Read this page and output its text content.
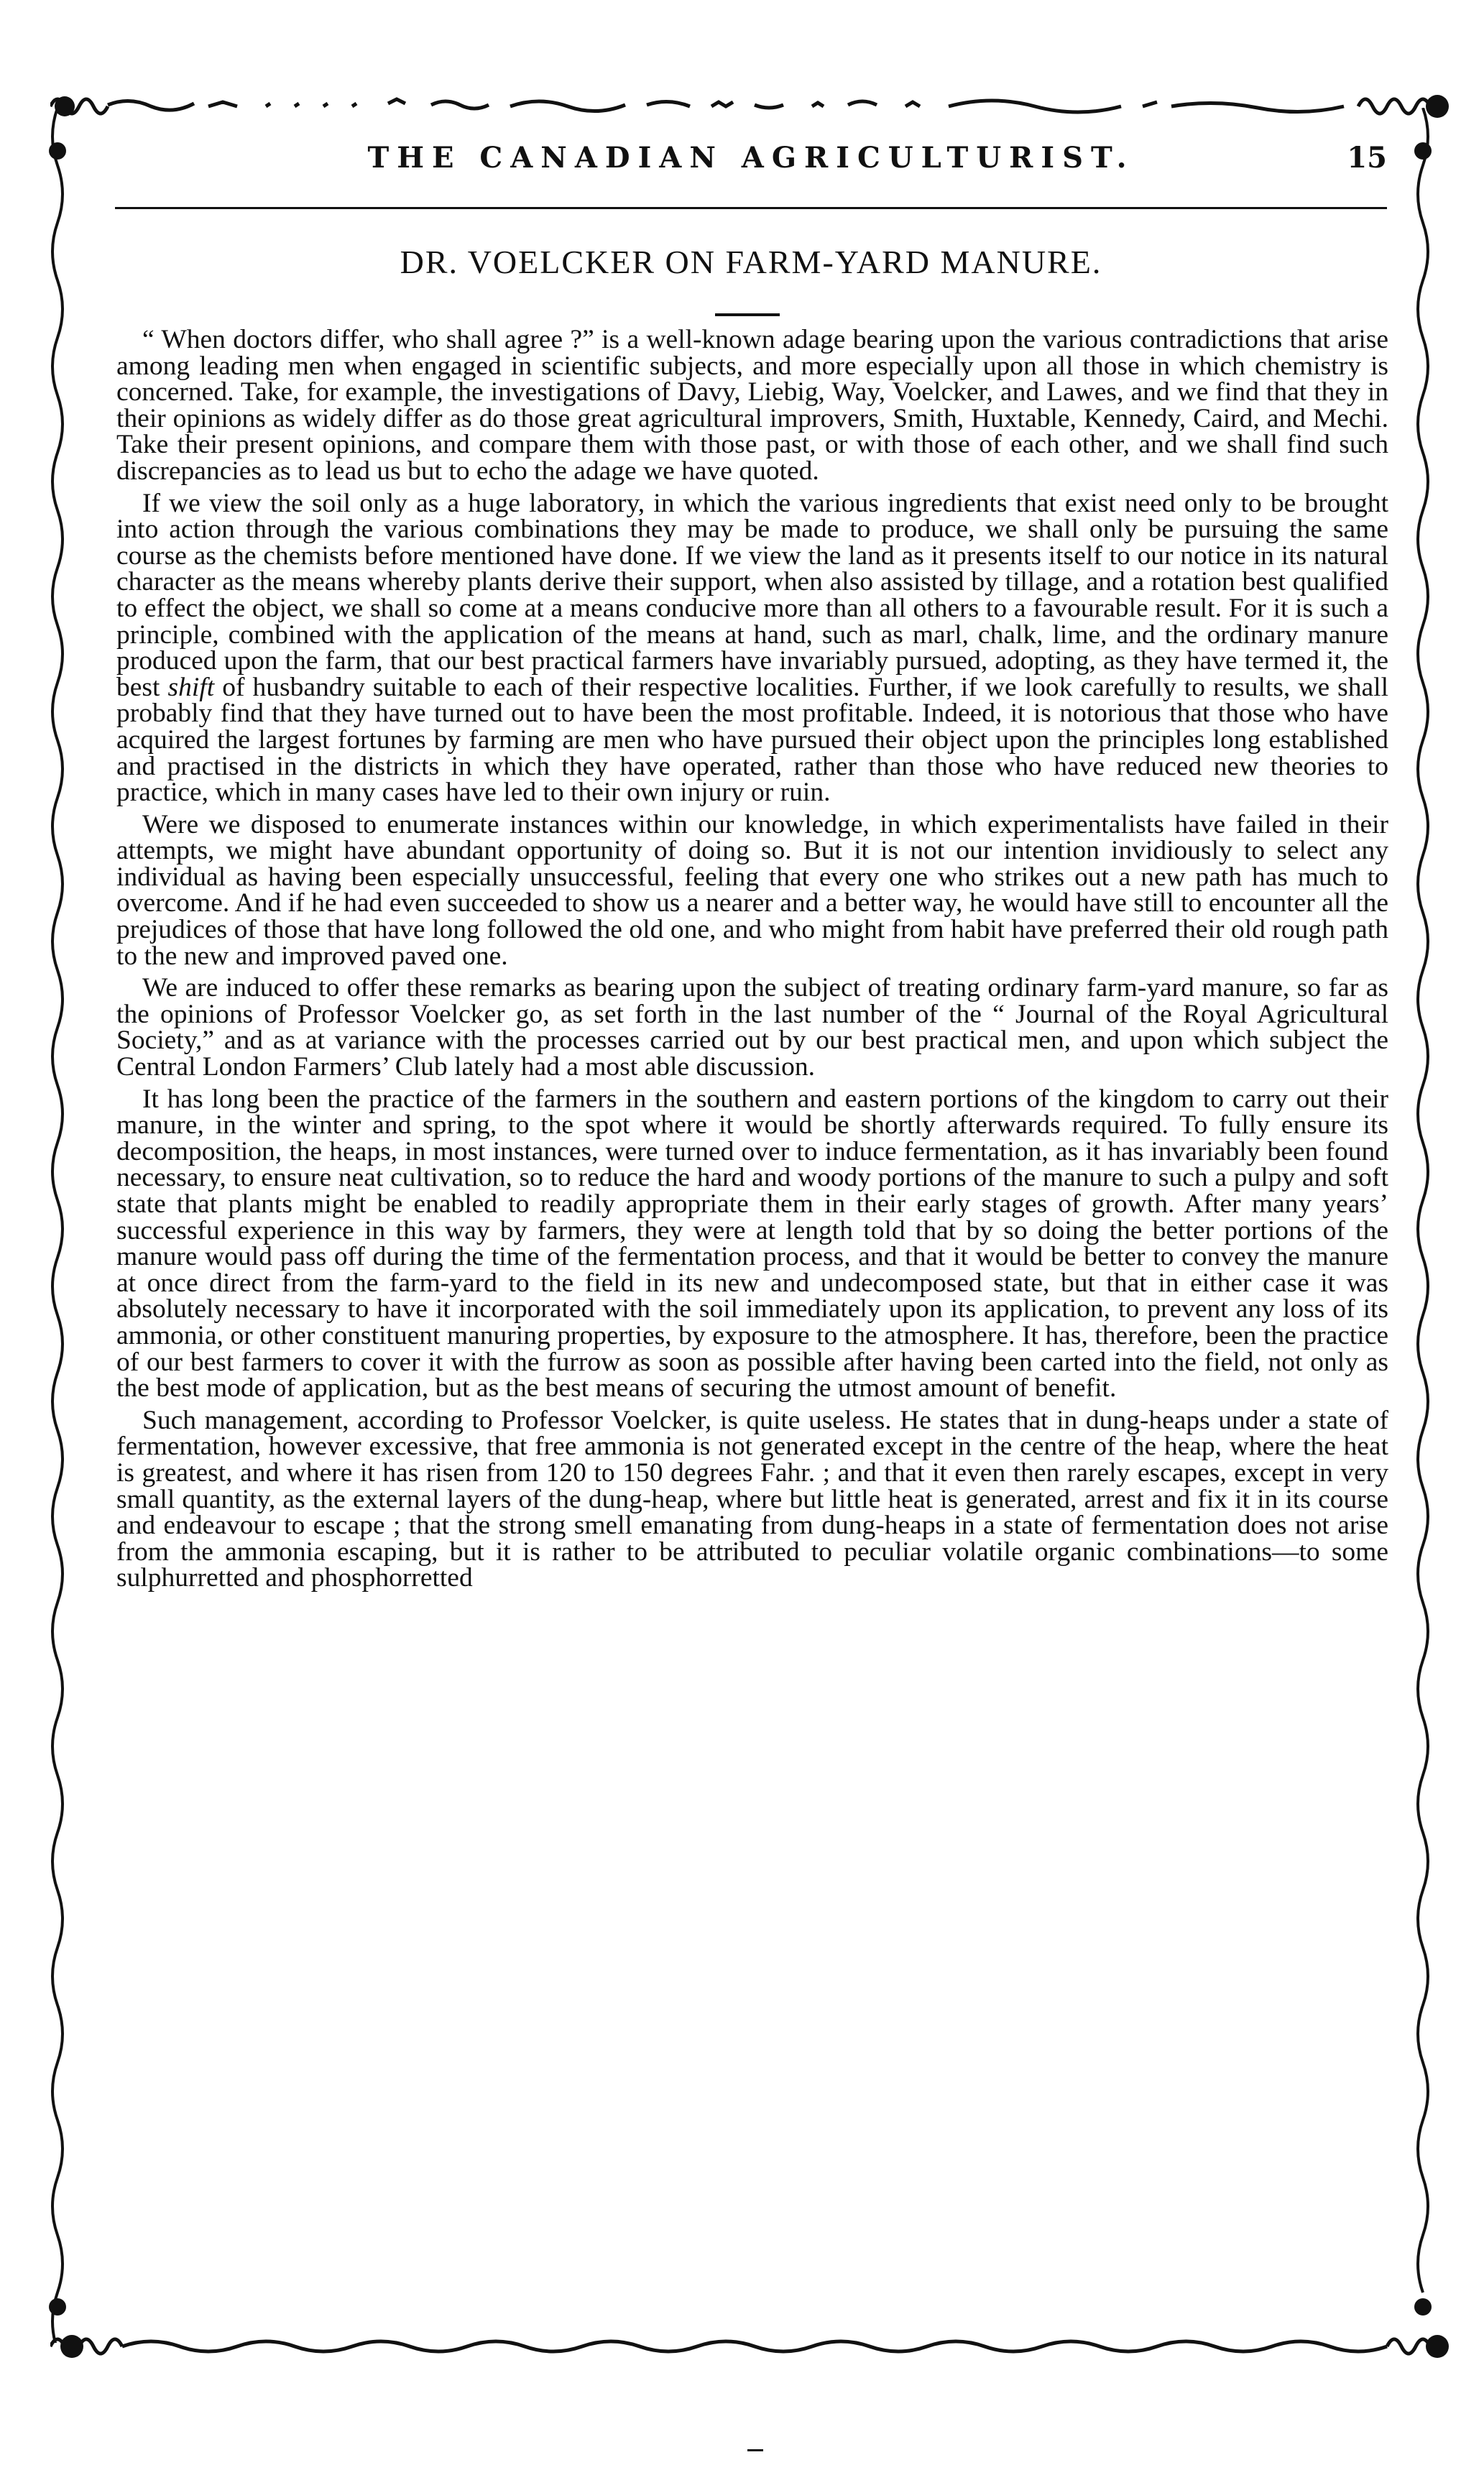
THE CANADIAN AGRICULTURIST.	15
DR. VOELCKER ON FARM-YARD MANURE.

“ When doctors differ, who shall agree ?” is a well-known adage bearing upon the various contradictions that arise among leading men when engaged in scientific subjects, and more especially upon all those in which chemistry is concerned. Take, for example, the investigations of Davy, Liebig, Way, Voelcker, and Lawes, and we find that they in their opinions as widely differ as do those great agricultural improvers, Smith, Huxtable, Kennedy, Caird, and Mechi. Take their present opinions, and compare them with those past, or with those of each other, and we shall find such discrepancies as to lead us but to echo the adage we have quoted.

If we view the soil only as a huge laboratory, in which the various ingredients that exist need only to be brought into action through the various combinations they may be made to produce, we shall only be pursuing the same course as the chemists before mentioned have done. If we view the land as it presents itself to our notice in its natural character as the means whereby plants derive their support, when also assisted by tillage, and a rotation best qualified to effect the object, we shall so come at a means conducive more than all others to a favourable result. For it is such a principle, combined with the application of the means at hand, such as marl, chalk, lime, and the ordinary manure produced upon the farm, that our best practical farmers have invariably pursued, adopting, as they have termed it, the best shift of husbandry suitable to each of their respective localities. Further, if we look carefully to results, we shall probably find that they have turned out to have been the most profitable. Indeed, it is notorious that those who have acquired the largest fortunes by farming are men who have pursued their object upon the principles long established and practised in the districts in which they have operated, rather than those who have reduced new theories to practice, which in many cases have led to their own injury or ruin.

Were we disposed to enumerate instances within our knowledge, in which experimentalists have failed in their attempts, we might have abundant opportunity of doing so. But it is not our intention invidiously to select any individual as having been especially unsuccessful, feeling that every one who strikes out a new path has much to overcome. And if he had even succeeded to show us a nearer and a better way, he would have still to encounter all the prejudices of those that have long followed the old one, and who might from habit have preferred their old rough path to the new and improved paved one.

We are induced to offer these remarks as bearing upon the subject of treating ordinary farm-yard manure, so far as the opinions of Professor Voelcker go, as set forth in the last number of the “ Journal of the Royal Agricultural Society,” and as at variance with the processes carried out by our best practical men, and upon which subject the Central London Farmers’ Club lately had a most able discussion.

It has long been the practice of the farmers in the southern and eastern portions of the kingdom to carry out their manure, in the winter and spring, to the spot where it would be shortly afterwards required. To fully ensure its decomposition, the heaps, in most instances, were turned over to induce fermentation, as it has invariably been found necessary, to ensure neat cultivation, so to reduce the hard and woody portions of the manure to such a pulpy and soft state that plants might be enabled to readily appropriate them in their early stages of growth. After many years’ successful experience in this way by farmers, they were at length told that by so doing the better portions of the manure would pass off during the time of the fermentation process, and that it would be better to convey the manure at once direct from the farm-yard to the field in its new and undecomposed state, but that in either case it was absolutely necessary to have it incorporated with the soil immediately upon its application, to prevent any loss of its ammonia, or other constituent manuring properties, by exposure to the atmosphere. It has, therefore, been the practice of our best farmers to cover it with the furrow as soon as possible after having been carted into the field, not only as the best mode of application, but as the best means of securing the utmost amount of benefit.

Such management, according to Professor Voelcker, is quite useless. He states that in dung-heaps under a state of fermentation, however excessive, that free ammonia is not generated except in the centre of the heap, where the heat is greatest, and where it has risen from 120 to 150 degrees Fahr. ; and that it even then rarely escapes, except in very small quantity, as the external layers of the dung-heap, where but little heat is generated, arrest and fix it in its course and endeavour to escape ; that the strong smell emanating from dung-heaps in a state of fermentation does not arise from the ammonia escaping, but it is rather to be attributed to peculiar volatile organic combinations—to some sulphurretted and phosphorretted
